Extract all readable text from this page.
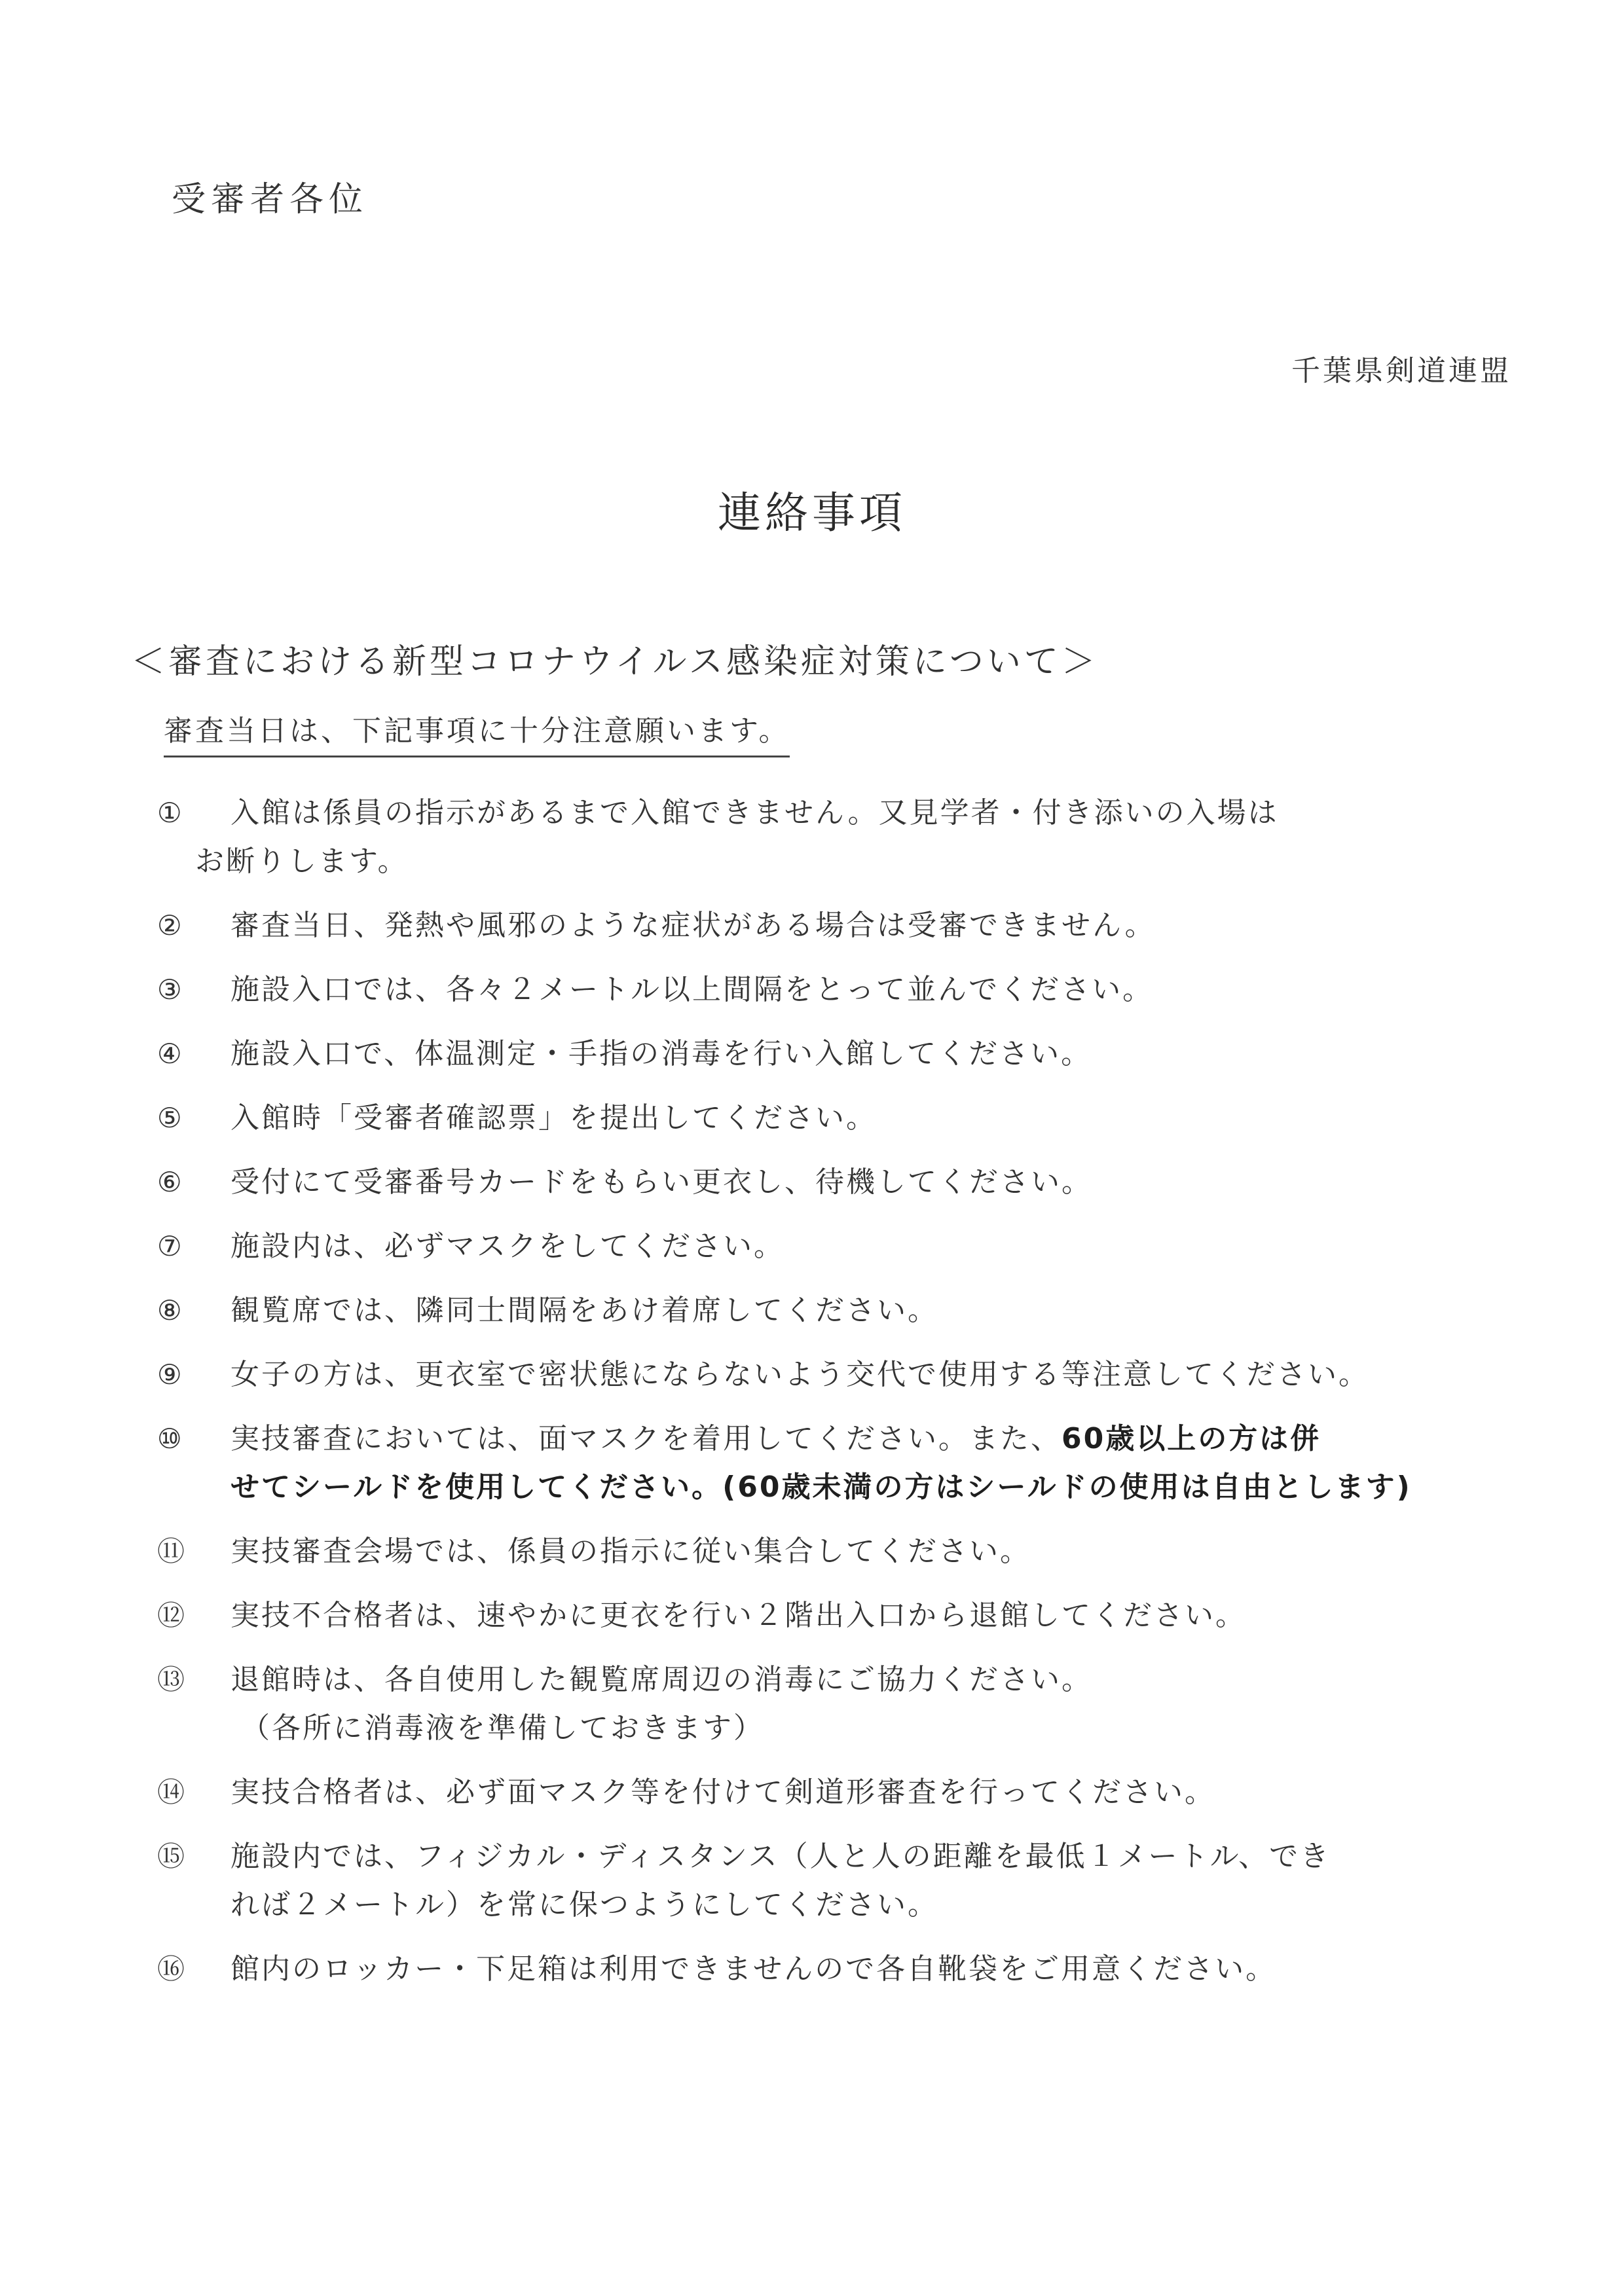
受審者各位
千葉県剣道連盟
連絡事項
＜審査における新型コロナウイルス感染症対策について＞
審査当日は、下記事項に十分注意願います。
①	入館は係員の指示があるまで入館できません。又見学者・付き添いの入場は
お断りします。
②	審査当日、発熱や風邪のような症状がある場合は受審できません。
③	施設入口では、各々２メートル以上間隔をとって並んでください。
④	施設入口で、体温測定・手指の消毒を行い入館してください。
⑤	入館時「受審者確認票」を提出してください。
⑥	受付にて受審番号カードをもらい更衣し、待機してください。
⑦	施設内は、必ずマスクをしてください。
⑧	観覧席では、隣同士間隔をあけ着席してください。
⑨	女子の方は、更衣室で密状態にならないよう交代で使用する等注意してください。
⑩	実技審査においては、面マスクを着用してください。また、60歳以上の方は併
せてシールドを使用してください。(60歳未満の方はシールドの使用は自由とします)
⑪	実技審査会場では、係員の指示に従い集合してください。
⑫	実技不合格者は、速やかに更衣を行い２階出入口から退館してください。
⑬	退館時は、各自使用した観覧席周辺の消毒にご協力ください。
（各所に消毒液を準備しておきます）
⑭	実技合格者は、必ず面マスク等を付けて剣道形審査を行ってください。
⑮	施設内では、フィジカル・ディスタンス（人と人の距離を最低１メートル、でき
れば２メートル）を常に保つようにしてください。
⑯	館内のロッカー・下足箱は利用できませんので各自靴袋をご用意ください。
